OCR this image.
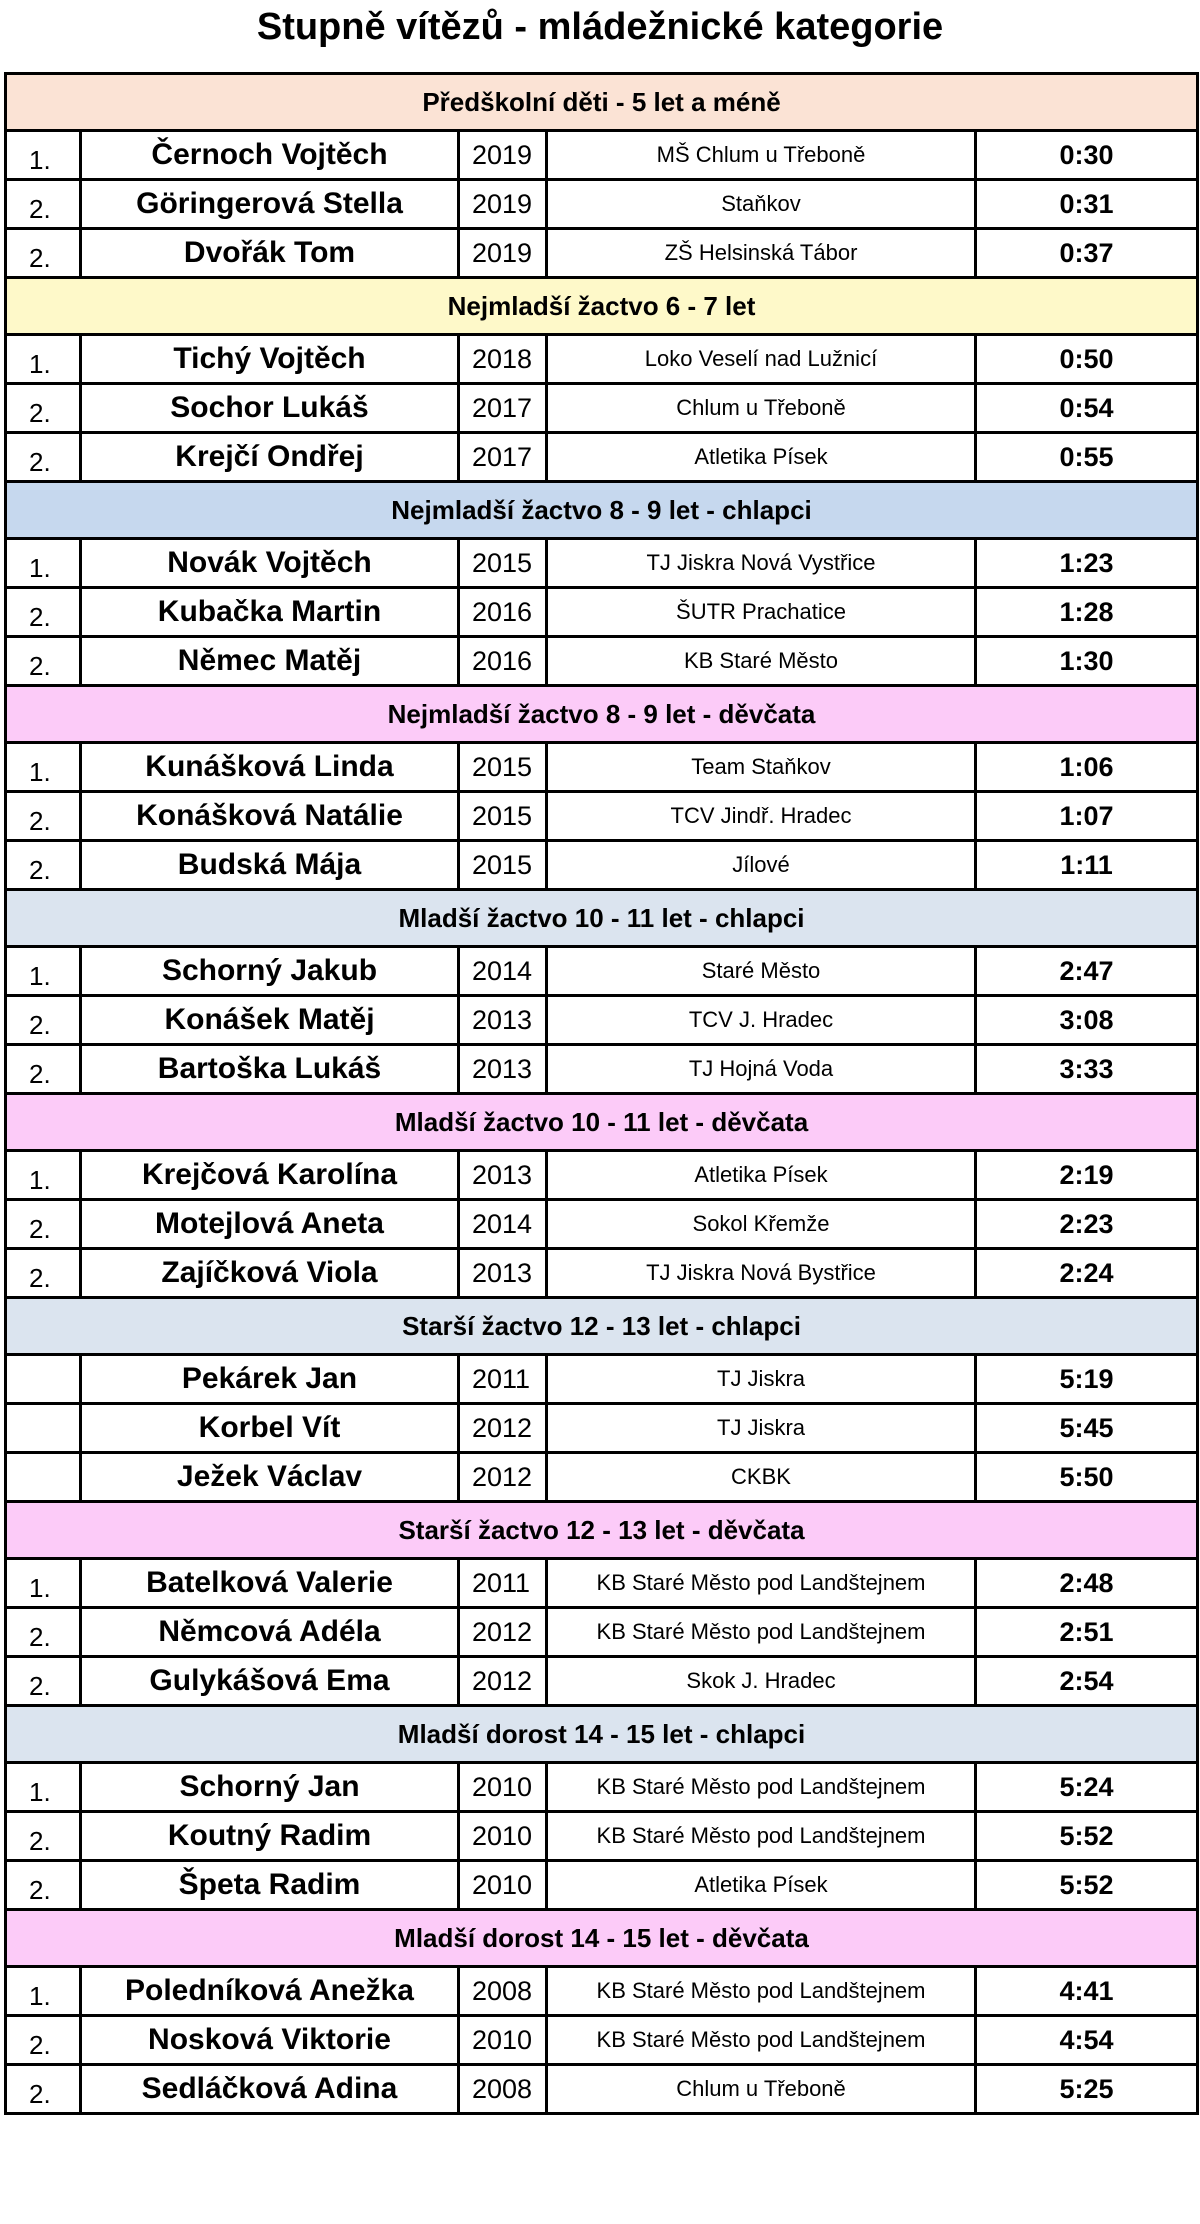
Stupně vítězů - mládežnické kategorie
Předškolní děti - 5 let a méně				
1.	Černoch Vojtěch	2019	MŠ Chlum u Třeboně	0:30
2.	Göringerová Stella	2019	Staňkov	0:31
2.	Dvořák Tom	2019	ZŠ Helsinská Tábor	0:37
Nejmladší žactvo 6 - 7 let				
1.	Tichý Vojtěch	2018	Loko Veselí nad Lužnicí	0:50
2.	Sochor Lukáš	2017	Chlum u Třeboně	0:54
2.	Krejčí Ondřej	2017	Atletika Písek	0:55
Nejmladší žactvo 8 - 9 let - chlapci				
1.	Novák Vojtěch	2015	TJ Jiskra Nová Vystřice	1:23
2.	Kubačka Martin	2016	ŠUTR Prachatice	1:28
2.	Němec Matěj	2016	KB Staré Město	1:30
Nejmladší žactvo 8 - 9 let - děvčata				
1.	Kunášková Linda	2015	Team Staňkov	1:06
2.	Konášková Natálie	2015	TCV Jindř. Hradec	1:07
2.	Budská Mája	2015	Jílové	1:11
Mladší žactvo 10 - 11 let - chlapci				
1.	Schorný Jakub	2014	Staré Město	2:47
2.	Konášek Matěj	2013	TCV J. Hradec	3:08
2.	Bartoška Lukáš	2013	TJ Hojná Voda	3:33
Mladší žactvo 10 - 11 let - děvčata				
1.	Krejčová Karolína	2013	Atletika Písek	2:19
2.	Motejlová Aneta	2014	Sokol Křemže	2:23
2.	Zajíčková Viola	2013	TJ Jiskra Nová Bystřice	2:24
Starší žactvo 12 - 13 let - chlapci				
	Pekárek Jan	2011	TJ Jiskra	5:19
	Korbel Vít	2012	TJ Jiskra	5:45
	Ježek Václav	2012	CKBK	5:50
Starší žactvo 12 - 13 let - děvčata				
1.	Batelková Valerie	2011	KB Staré Město pod Landštejnem	2:48
2.	Němcová Adéla	2012	KB Staré Město pod Landštejnem	2:51
2.	Gulykášová Ema	2012	Skok J. Hradec	2:54
Mladší dorost 14 - 15 let - chlapci				
1.	Schorný Jan	2010	KB Staré Město pod Landštejnem	5:24
2.	Koutný Radim	2010	KB Staré Město pod Landštejnem	5:52
2.	Špeta Radim	2010	Atletika Písek	5:52
Mladší dorost 14 - 15 let - děvčata				
1.	Poledníková Anežka	2008	KB Staré Město pod Landštejnem	4:41
2.	Nosková Viktorie	2010	KB Staré Město pod Landštejnem	4:54
2.	Sedláčková Adina	2008	Chlum u Třeboně	5:25
